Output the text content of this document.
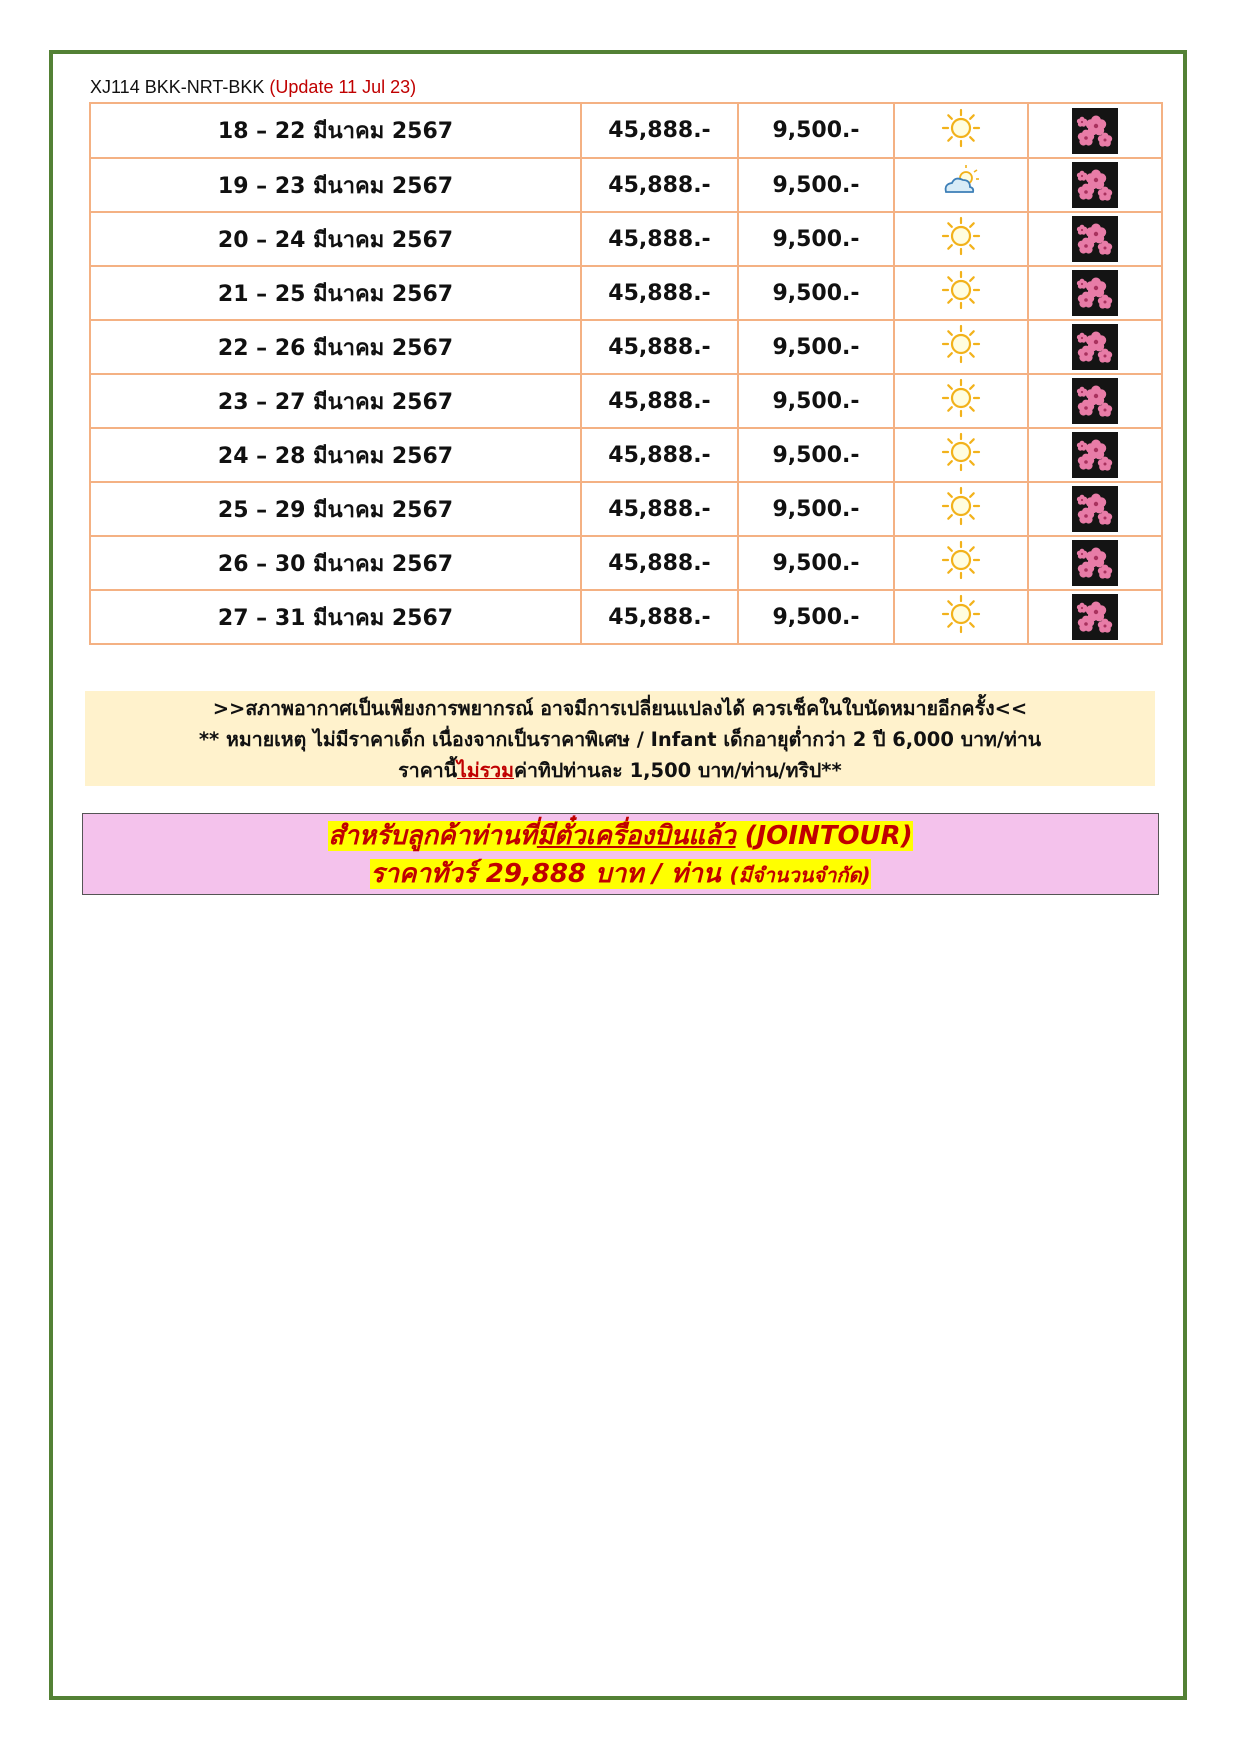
XJ114 BKK-NRT-BKK (Update 11 Jul 23)
18 – 22 มีนาคม 2567	45,888.-	9,500.-		

19 – 23 มีนาคม 2567	45,888.-	9,500.-		

20 – 24 มีนาคม 2567	45,888.-	9,500.-		

21 – 25 มีนาคม 2567	45,888.-	9,500.-		

22 – 26 มีนาคม 2567	45,888.-	9,500.-		

23 – 27 มีนาคม 2567	45,888.-	9,500.-		

24 – 28 มีนาคม 2567	45,888.-	9,500.-		

25 – 29 มีนาคม 2567	45,888.-	9,500.-		

26 – 30 มีนาคม 2567	45,888.-	9,500.-		

27 – 31 มีนาคม 2567	45,888.-	9,500.-		
>>สภาพอากาศเป็นเพียงการพยากรณ์ อาจมีการเปลี่ยนแปลงได้ ควรเช็คในใบนัดหมายอีกครั้ง<<
** หมายเหตุ ไม่มีราคาเด็ก เนื่องจากเป็นราคาพิเศษ / Infant เด็กอายุต่ำกว่า 2 ปี 6,000 บาท/ท่าน
ราคานี้ไม่รวมค่าทิปท่านละ 1,500 บาท/ท่าน/ทริป**
สำหรับลูกค้าท่านที่มีตั๋วเครื่องบินแล้ว (JOINTOUR)
ราคาทัวร์ 29,888 บาท / ท่าน (มีจำนวนจำกัด)
